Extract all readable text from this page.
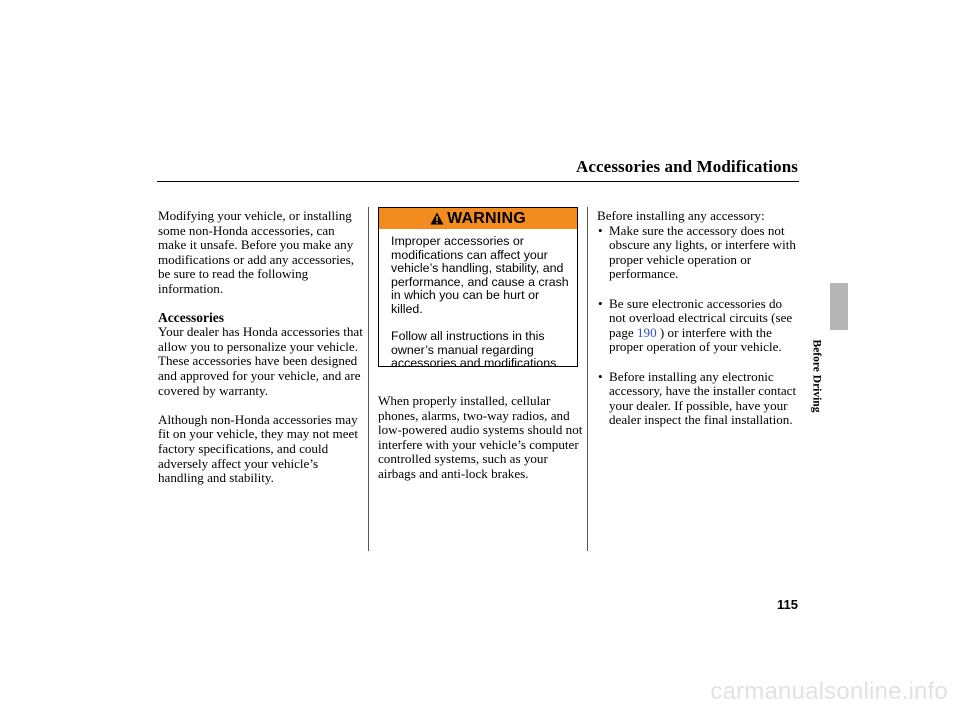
Accessories and Modifications

Modifying your vehicle, or installing some non-Honda accessories, can make it unsafe. Before you make any modifications or add any accessories, be sure to read the following information.

Accessories

Your dealer has Honda accessories that allow you to personalize your vehicle. These accessories have been designed and approved for your vehicle, and are covered by warranty.

Although non-Honda accessories may fit on your vehicle, they may not meet factory specifications, and could adversely affect your vehicle’s handling and stability.

WARNING

Improper accessories or modifications can affect your vehicle’s handling, stability, and performance, and cause a crash in which you can be hurt or killed.

Follow all instructions in this owner’s manual regarding accessories and modifications.

When properly installed, cellular phones, alarms, two-way radios, and low-powered audio systems should not interfere with your vehicle’s computer controlled systems, such as your airbags and anti-lock brakes.

Before installing any accessory:

• Make sure the accessory does not obscure any lights, or interfere with proper vehicle operation or performance.
• Be sure electronic accessories do not overload electrical circuits (see page 190 ) or interfere with the proper operation of your vehicle.
• Before installing any electronic accessory, have the installer contact your dealer. If possible, have your dealer inspect the final installation.
Before Driving
115
carmanualsonline.info
